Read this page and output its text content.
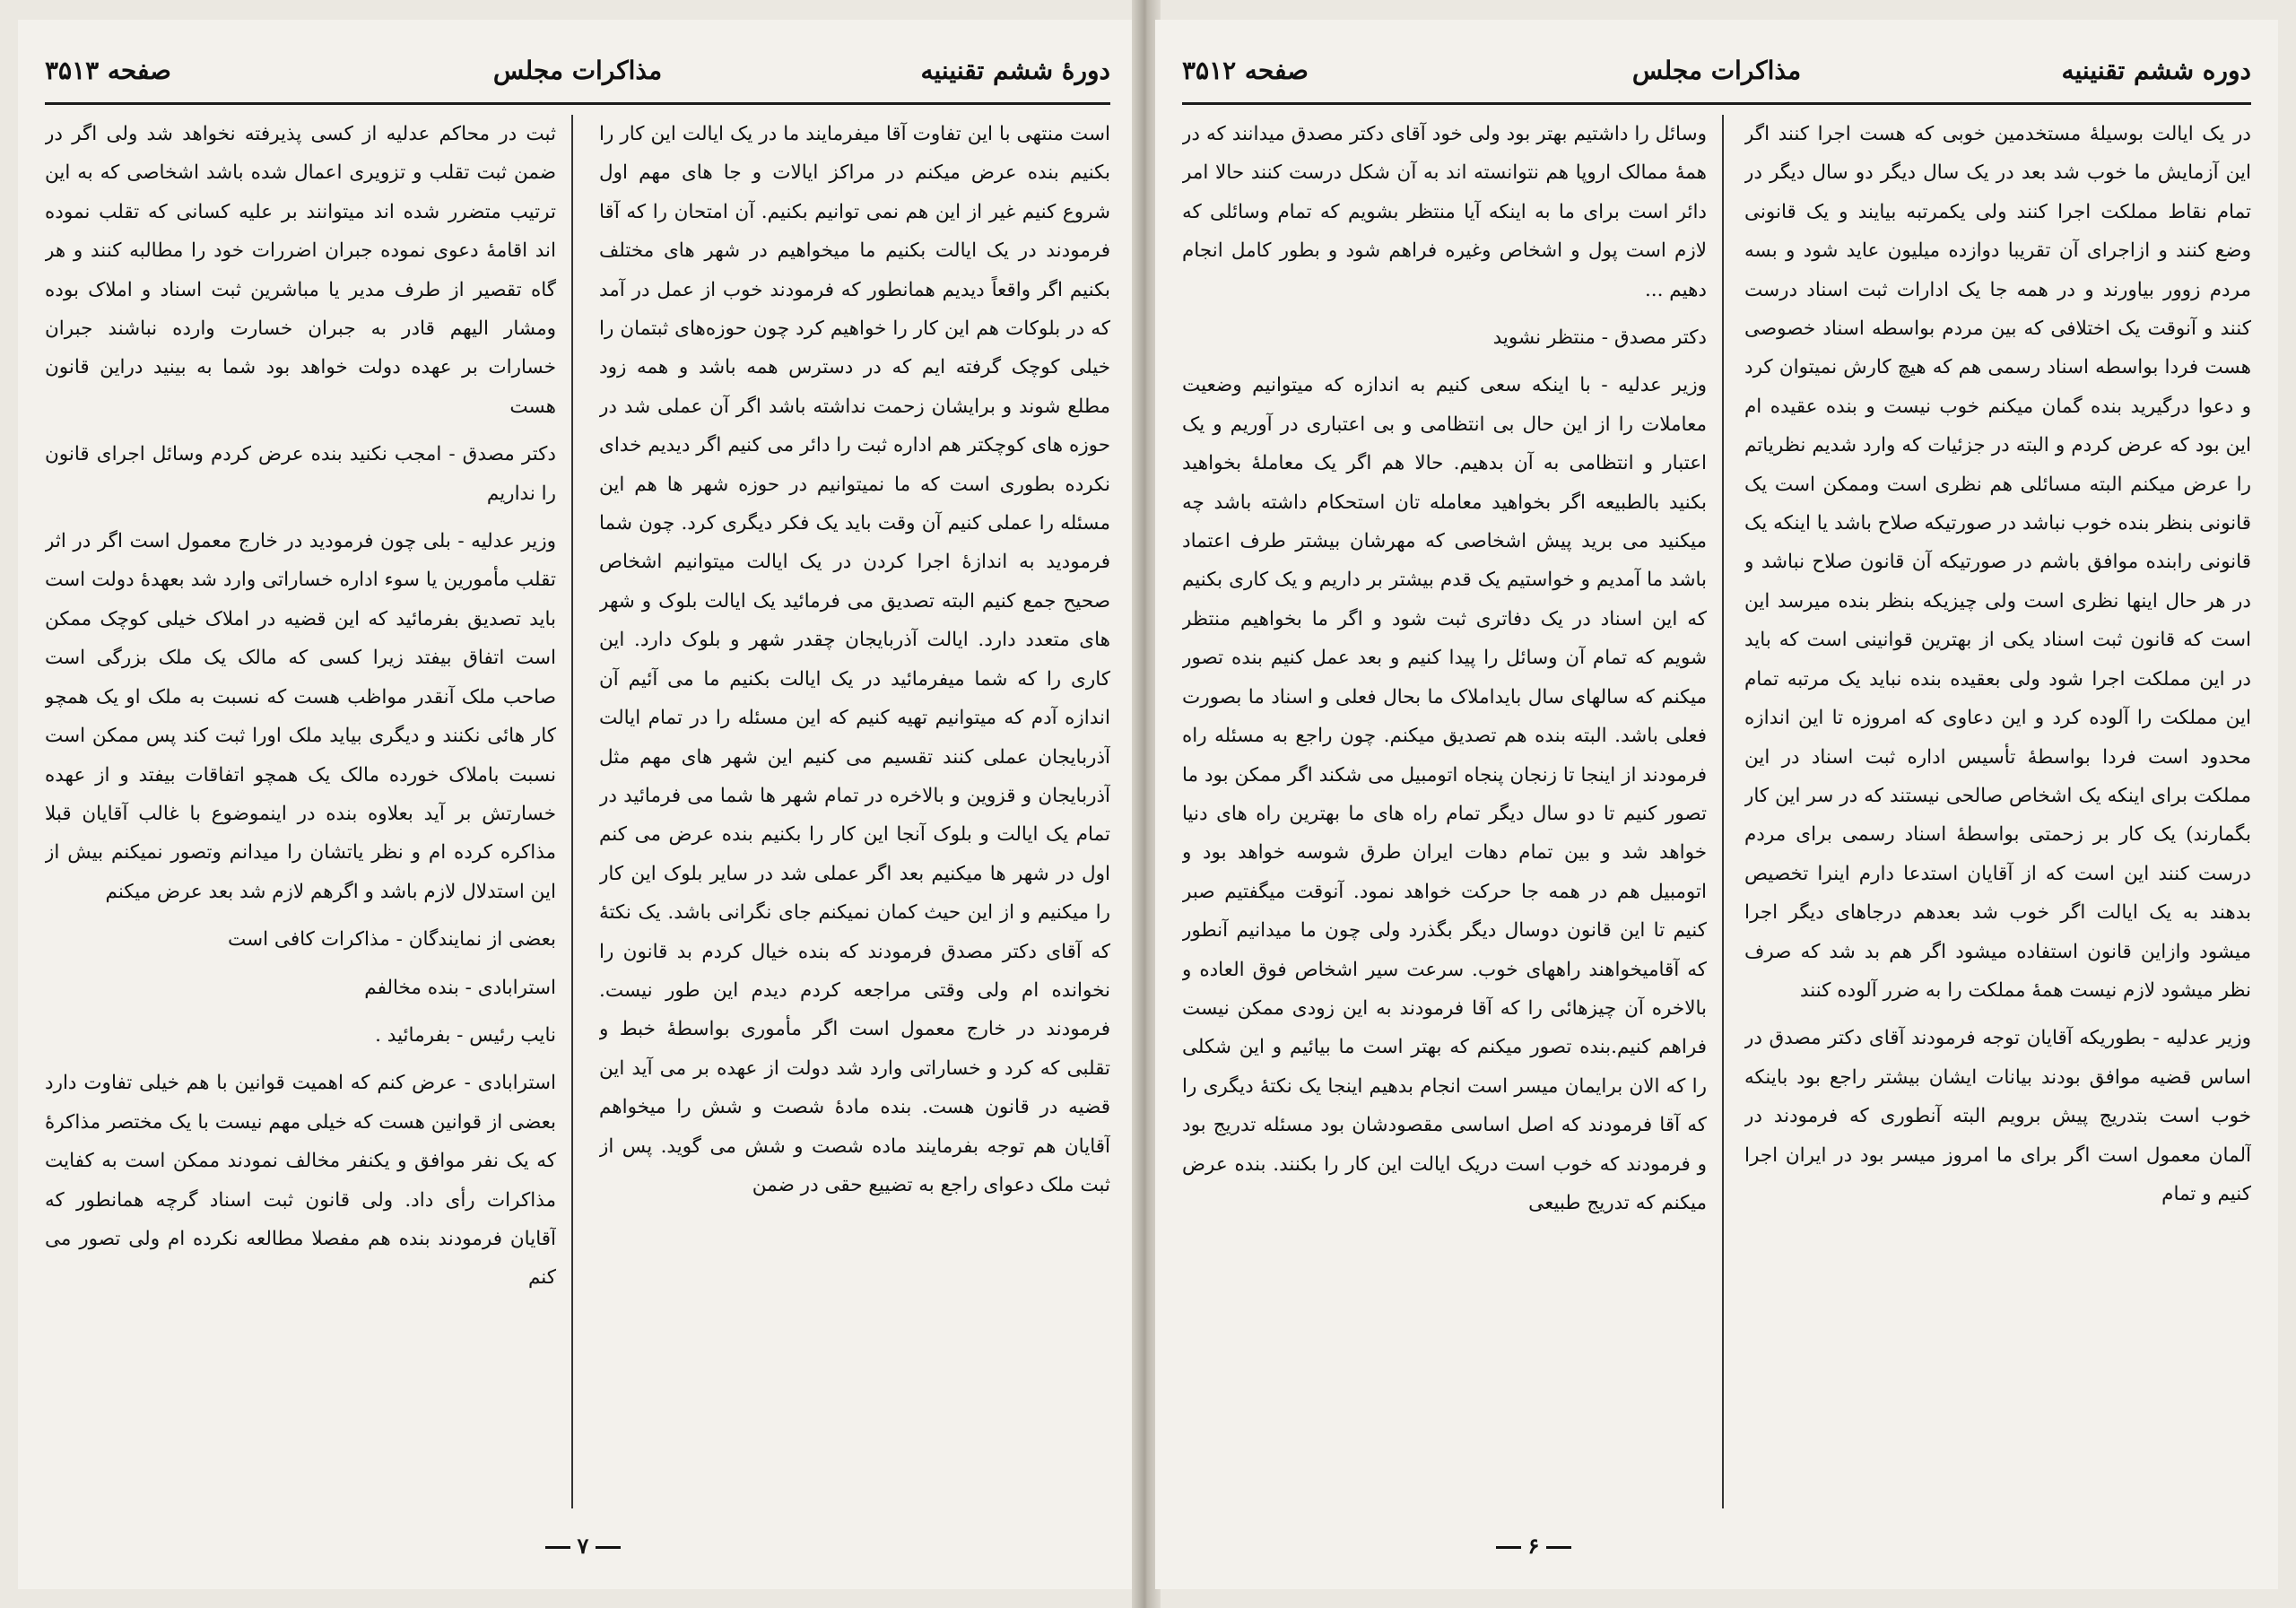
دورهٔ ششم تقنینیه
مذاکرات مجلس
صفحه ۳۵۱۳

است منتهی با این تفاوت آقا میفرمایند ما در یک ایالت این کار را بکنیم بنده عرض میکنم در مراکز ایالات و جا های مهم اول شروع کنیم غیر از این هم نمی توانیم بکنیم. آن امتحان را که آقا فرمودند در یک ایالت بکنیم ما میخواهیم در شهر های مختلف بکنیم اگر واقعاً دیدیم همانطور که فرمودند خوب از عمل در آمد که در بلوکات هم این کار را خواهیم کرد چون حوزه‌های ثبتمان را خیلی کوچک گرفته ایم که در دسترس همه باشد و همه زود مطلع شوند و برایشان زحمت نداشته باشد اگر آن عملی شد در حوزه های کوچکتر هم اداره ثبت را دائر می کنیم اگر دیدیم خدای نکرده بطوری است که ما نمیتوانیم در حوزه شهر ها هم این مسئله را عملی کنیم آن وقت باید یک فکر دیگری کرد. چون شما فرمودید به اندازهٔ اجرا کردن در یک ایالت میتوانیم اشخاص صحیح جمع کنیم البته تصدیق می فرمائید یک ایالت بلوک و شهر های متعدد دارد. ایالت آذربایجان چقدر شهر و بلوک دارد. این کاری را که شما میفرمائید در یک ایالت بکنیم ما می آئیم آن اندازه آدم که میتوانیم تهیه کنیم که این مسئله را در تمام ایالت آذربایجان عملی کنند تقسیم می کنیم این شهر های مهم مثل آذربایجان و قزوین و بالاخره در تمام شهر ها شما می فرمائید در تمام یک ایالت و بلوک آنجا این کار را بکنیم بنده عرض می کنم اول در شهر ها میکنیم بعد اگر عملی شد در سایر بلوک این کار را میکنیم و از این حیث کمان نمیکنم جای نگرانی باشد. یک نکتهٔ که آقای دکتر مصدق فرمودند که بنده خیال کردم بد قانون را نخوانده ام ولی وقتی مراجعه کردم دیدم این طور نیست. فرمودند در خارج معمول است اگر مأموری بواسطهٔ خبط و تقلبی که کرد و خساراتی وارد شد دولت از عهده بر می آید این قضیه در قانون هست. بنده مادهٔ شصت و شش را میخواهم آقایان هم توجه بفرمایند ماده شصت و شش می گوید. پس از ثبت ملک دعوای راجع به تضییع حقی در ضمن

ثبت در محاکم عدلیه از کسی پذیرفته نخواهد شد ولی اگر در ضمن ثبت تقلب و تزویری اعمال شده باشد اشخاصی که به این ترتیب متضرر شده اند میتوانند بر علیه کسانی که تقلب نموده اند اقامهٔ دعوی نموده جبران اضررات خود را مطالبه کنند و هر گاه تقصیر از طرف مدیر یا مباشرین ثبت اسناد و املاک بوده ومشار الیهم قادر به جبران خسارت وارده نباشند جبران خسارات بر عهده دولت خواهد بود شما به بینید دراین قانون هست

دکتر مصدق - امجب نکنید بنده عرض کردم وسائل اجرای قانون را نداریم

وزیر عدلیه - بلی چون فرمودید در خارج معمول است اگر در اثر تقلب مأمورین یا سوء اداره خساراتی وارد شد بعهدهٔ دولت است باید تصدیق بفرمائید که این قضیه در املاک خیلی کوچک ممکن است اتفاق بیفتد زیرا کسی که مالک یک ملک بزرگی است صاحب ملک آنقدر مواظب هست که نسبت به ملک او یک همچو کار هائی نکنند و دیگری بیاید ملک اورا ثبت کند پس ممکن است نسبت باملاک خورده مالک یک همچو اتفاقات بیفتد و از عهده خسارتش بر آید بعلاوه بنده در اینموضوع با غالب آقایان قبلا مذاکره کرده ام و نظر یاتشان را میدانم وتصور نمیکنم بیش از این استدلال لازم باشد و اگرهم لازم شد بعد عرض میکنم

بعضی از نمایندگان - مذاکرات کافی است

استرابادی - بنده مخالفم

نایب رئیس - بفرمائید .

استرابادی - عرض کنم که اهمیت قوانین با هم خیلی تفاوت دارد بعضی از قوانین هست که خیلی مهم نیست با یک مختصر مذاکرهٔ که یک نفر موافق و یکنفر مخالف نمودند ممکن است به کفایت مذاکرات رأی داد. ولی قانون ثبت اسناد گرچه همانطور که آقایان فرمودند بنده هم مفصلا مطالعه نکرده ام ولی تصور می کنم

۷
دوره ششم تقنینیه
مذاکرات مجلس
صفحه ۳۵۱۲

در یک ایالت بوسیلهٔ مستخدمین خوبی که هست اجرا کنند اگر این آزمایش ما خوب شد بعد در یک سال دیگر دو سال دیگر در تمام نقاط مملکت اجرا کنند ولی یکمرتبه بیایند و یک قانونی وضع کنند و ازاجرای آن تقریبا دوازده میلیون عاید شود و بسه مردم زوور بیاورند و در همه جا یک ادارات ثبت اسناد درست کنند و آنوقت یک اختلافی که بین مردم بواسطه اسناد خصوصی هست فردا بواسطه اسناد رسمی هم که هیچ کارش نمیتوان کرد و دعوا درگیرید بنده گمان میکنم خوب نیست و بنده عقیده ام این بود که عرض کردم و البته در جزئیات که وارد شدیم نظریاتم را عرض میکنم البته مسائلی هم نظری است وممکن است یک قانونی بنظر بنده خوب نباشد در صورتیکه صلاح باشد یا اینکه یک قانونی رابنده موافق باشم در صورتیکه آن قانون صلاح نباشد و در هر حال اینها نظری است ولی چیزیکه بنظر بنده میرسد این است که قانون ثبت اسناد یکی از بهترین قوانینی است که باید در این مملکت اجرا شود ولی بعقیده بنده نباید یک مرتبه تمام این مملکت را آلوده کرد و این دعاوی که امروزه تا این اندازه محدود است فردا بواسطهٔ تأسیس اداره ثبت اسناد در این مملکت برای اینکه یک اشخاص صالحی نیستند که در سر این کار بگمارند) یک کار بر زحمتی بواسطهٔ اسناد رسمی برای مردم درست کنند این است که از آقایان استدعا دارم اینرا تخصیص بدهند به یک ایالت اگر خوب شد بعدهم درجاهای دیگر اجرا میشود وازاین قانون استفاده میشود اگر هم بد شد که صرف نظر میشود لازم نیست همهٔ مملکت را به ضرر آلوده کنند

وزیر عدلیه - بطوریکه آقایان توجه فرمودند آقای دکتر مصدق در اساس قضیه موافق بودند بیانات ایشان بیشتر راجع بود باینکه خوب است بتدریج پیش برویم البته آنطوری که فرمودند در آلمان معمول است اگر برای ما امروز میسر بود در ایران اجرا کنیم و تمام

وسائل را داشتیم بهتر بود ولی خود آقای دکتر مصدق میدانند که در همهٔ ممالک اروپا هم نتوانسته اند به آن شکل درست کنند حالا امر دائر است برای ما به اینکه آیا منتظر بشویم که تمام وسائلی که لازم است پول و اشخاص وغیره فراهم شود و بطور کامل انجام دهیم ...

دکتر مصدق - منتظر نشوید

وزیر عدلیه - با اینکه سعی کنیم به اندازه که میتوانیم وضعیت معاملات را از این حال بی انتظامی و بی اعتباری در آوریم و یک اعتبار و انتظامی به آن بدهیم. حالا هم اگر یک معاملهٔ بخواهید بکنید بالطبیعه اگر بخواهید معامله تان استحکام داشته باشد چه میکنید می برید پیش اشخاصی که مهرشان بیشتر طرف اعتماد باشد ما آمدیم و خواستیم یک قدم بیشتر بر داریم و یک کاری بکنیم که این اسناد در یک دفاتری ثبت شود و اگر ما بخواهیم منتظر شویم که تمام آن وسائل را پیدا کنیم و بعد عمل کنیم بنده تصور میکنم که سالهای سال بایداملاک ما بحال فعلی و اسناد ما بصورت فعلی باشد. البته بنده هم تصدیق میکنم. چون راجع به مسئله راه فرمودند از اینجا تا زنجان پنجاه اتومبیل می شکند اگر ممکن بود ما تصور کنیم تا دو سال دیگر تمام راه های ما بهترین راه های دنیا خواهد شد و بین تمام دهات ایران طرق شوسه خواهد بود و اتومبیل هم در همه جا حرکت خواهد نمود. آنوقت میگفتیم صبر کنیم تا این قانون دوسال دیگر بگذرد ولی چون ما میدانیم آنطور که آقامیخواهند راههای خوب. سرعت سیر اشخاص فوق العاده و بالاخره آن چیزهائی را که آقا فرمودند به این زودی ممکن نیست فراهم کنیم.بنده تصور میکنم که بهتر است ما بیائیم و این شکلی را که الان برایمان میسر است انجام بدهیم اینجا یک نکتهٔ دیگری را که آقا فرمودند که اصل اساسی مقصودشان بود مسئله تدریج بود و فرمودند که خوب است دریک ایالت این کار را بکنند. بنده عرض میکنم که تدریج طبیعی

۶
